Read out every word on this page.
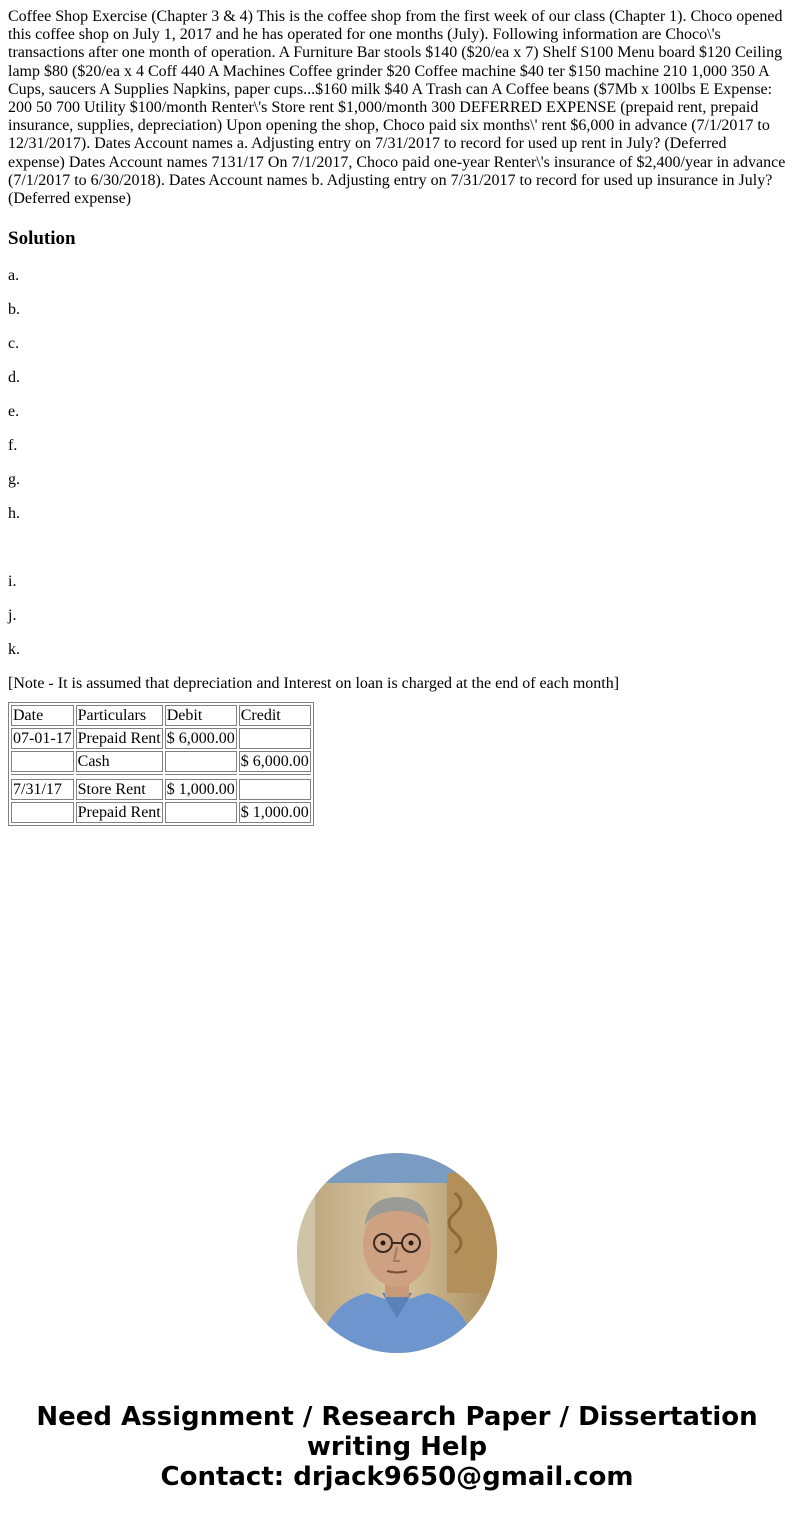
Coffee Shop Exercise (Chapter 3 & 4) This is the coffee shop from the first week of our class (Chapter 1). Choco opened this coffee shop on July 1, 2017 and he has operated for one months (July). Following information are Choco\'s transactions after one month of operation. A Furniture Bar stools $140 ($20/ea x 7) Shelf S100 Menu board $120 Ceiling lamp $80 ($20/ea x 4 Coff 440 A Machines Coffee grinder $20 Coffee machine $40 ter $150 machine 210 1,000 350 A Cups, saucers A Supplies Napkins, paper cups...$160 milk $40 A Trash can A Coffee beans ($7Mb x 100lbs E Expense: 200 50 700 Utility $100/month Renter\'s Store rent $1,000/month 300 DEFERRED EXPENSE (prepaid rent, prepaid insurance, supplies, depreciation) Upon opening the shop, Choco paid six months\' rent $6,000 in advance (7/1/2017 to 12/31/2017). Dates Account names a. Adjusting entry on 7/31/2017 to record for used up rent in July? (Deferred expense) Dates Account names 7131/17 On 7/1/2017, Choco paid one-year Renter\'s insurance of $2,400/year in advance (7/1/2017 to 6/30/2018). Dates Account names b. Adjusting entry on 7/31/2017 to record for used up insurance in July? (Deferred expense)

Solution

a.

b.

c.

d.

e.

f.

g.

h.

i.

j.

k.

[Note - It is assumed that depreciation and Interest on loan is charged at the end of each month]

Date	Particulars	Debit	Credit
07-01-17	Prepaid Rent	$ 6,000.00	
	Cash		$ 6,000.00

7/31/17	Store Rent	$ 1,000.00	
	Prepaid Rent		$ 1,000.00
Need Assignment / Research Paper / Dissertation
writing Help
Contact: drjack9650@gmail.com
